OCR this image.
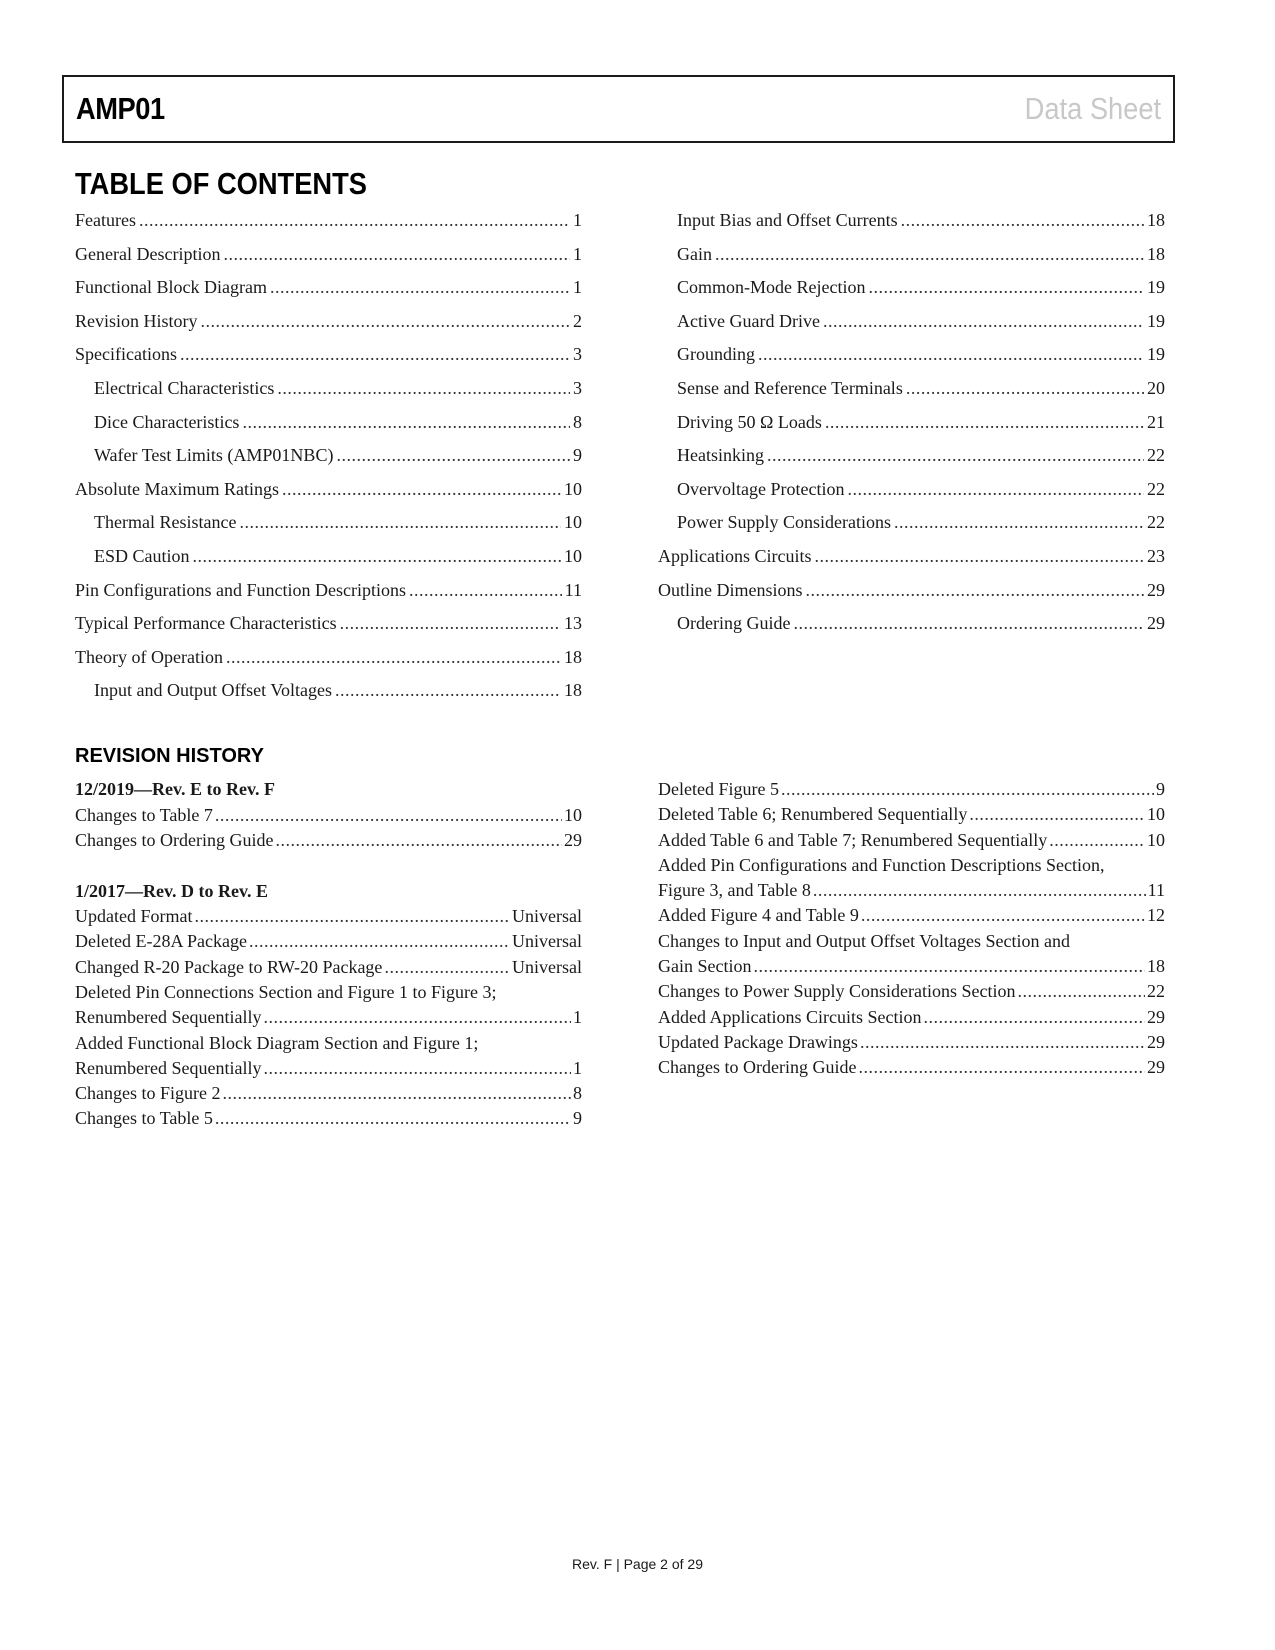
AMP01	Data Sheet
TABLE OF CONTENTS
Features .....	1
General Description .....	1
Functional Block Diagram .....	1
Revision History .....	2
Specifications .....	3
Electrical Characteristics .....	3
Dice Characteristics .....	8
Wafer Test Limits (AMP01NBC) .....	9
Absolute Maximum Ratings .....	10
Thermal Resistance .....	10
ESD Caution .....	10
Pin Configurations and Function Descriptions .....	11
Typical Performance Characteristics .....	13
Theory of Operation .....	18
Input and Output Offset Voltages .....	18
Input Bias and Offset Currents .....	18
Gain .....	18
Common-Mode Rejection .....	19
Active Guard Drive .....	19
Grounding .....	19
Sense and Reference Terminals .....	20
Driving 50 Ω Loads .....	21
Heatsinking .....	22
Overvoltage Protection .....	22
Power Supply Considerations .....	22
Applications Circuits .....	23
Outline Dimensions .....	29
Ordering Guide .....	29
REVISION HISTORY
12/2019—Rev. E to Rev. F
Changes to Table 7 .....	10
Changes to Ordering Guide .....	29
1/2017—Rev. D to Rev. E
Updated Format .....	Universal
Deleted E-28A Package .....	Universal
Changed R-20 Package to RW-20 Package .....	Universal
Deleted Pin Connections Section and Figure 1 to Figure 3;
Renumbered Sequentially .....	1
Added Functional Block Diagram Section and Figure 1;
Renumbered Sequentially .....	1
Changes to Figure 2 .....	8
Changes to Table 5 .....	9
Deleted Figure 5 .....	9
Deleted Table 6; Renumbered Sequentially .....	10
Added Table 6 and Table 7; Renumbered Sequentially .....	10
Added Pin Configurations and Function Descriptions Section,
Figure 3, and Table 8 .....	11
Added Figure 4 and Table 9 .....	12
Changes to Input and Output Offset Voltages Section and
Gain Section .....	18
Changes to Power Supply Considerations Section .....	22
Added Applications Circuits Section .....	29
Updated Package Drawings .....	29
Changes to Ordering Guide .....	29
Rev. F | Page 2 of 29
